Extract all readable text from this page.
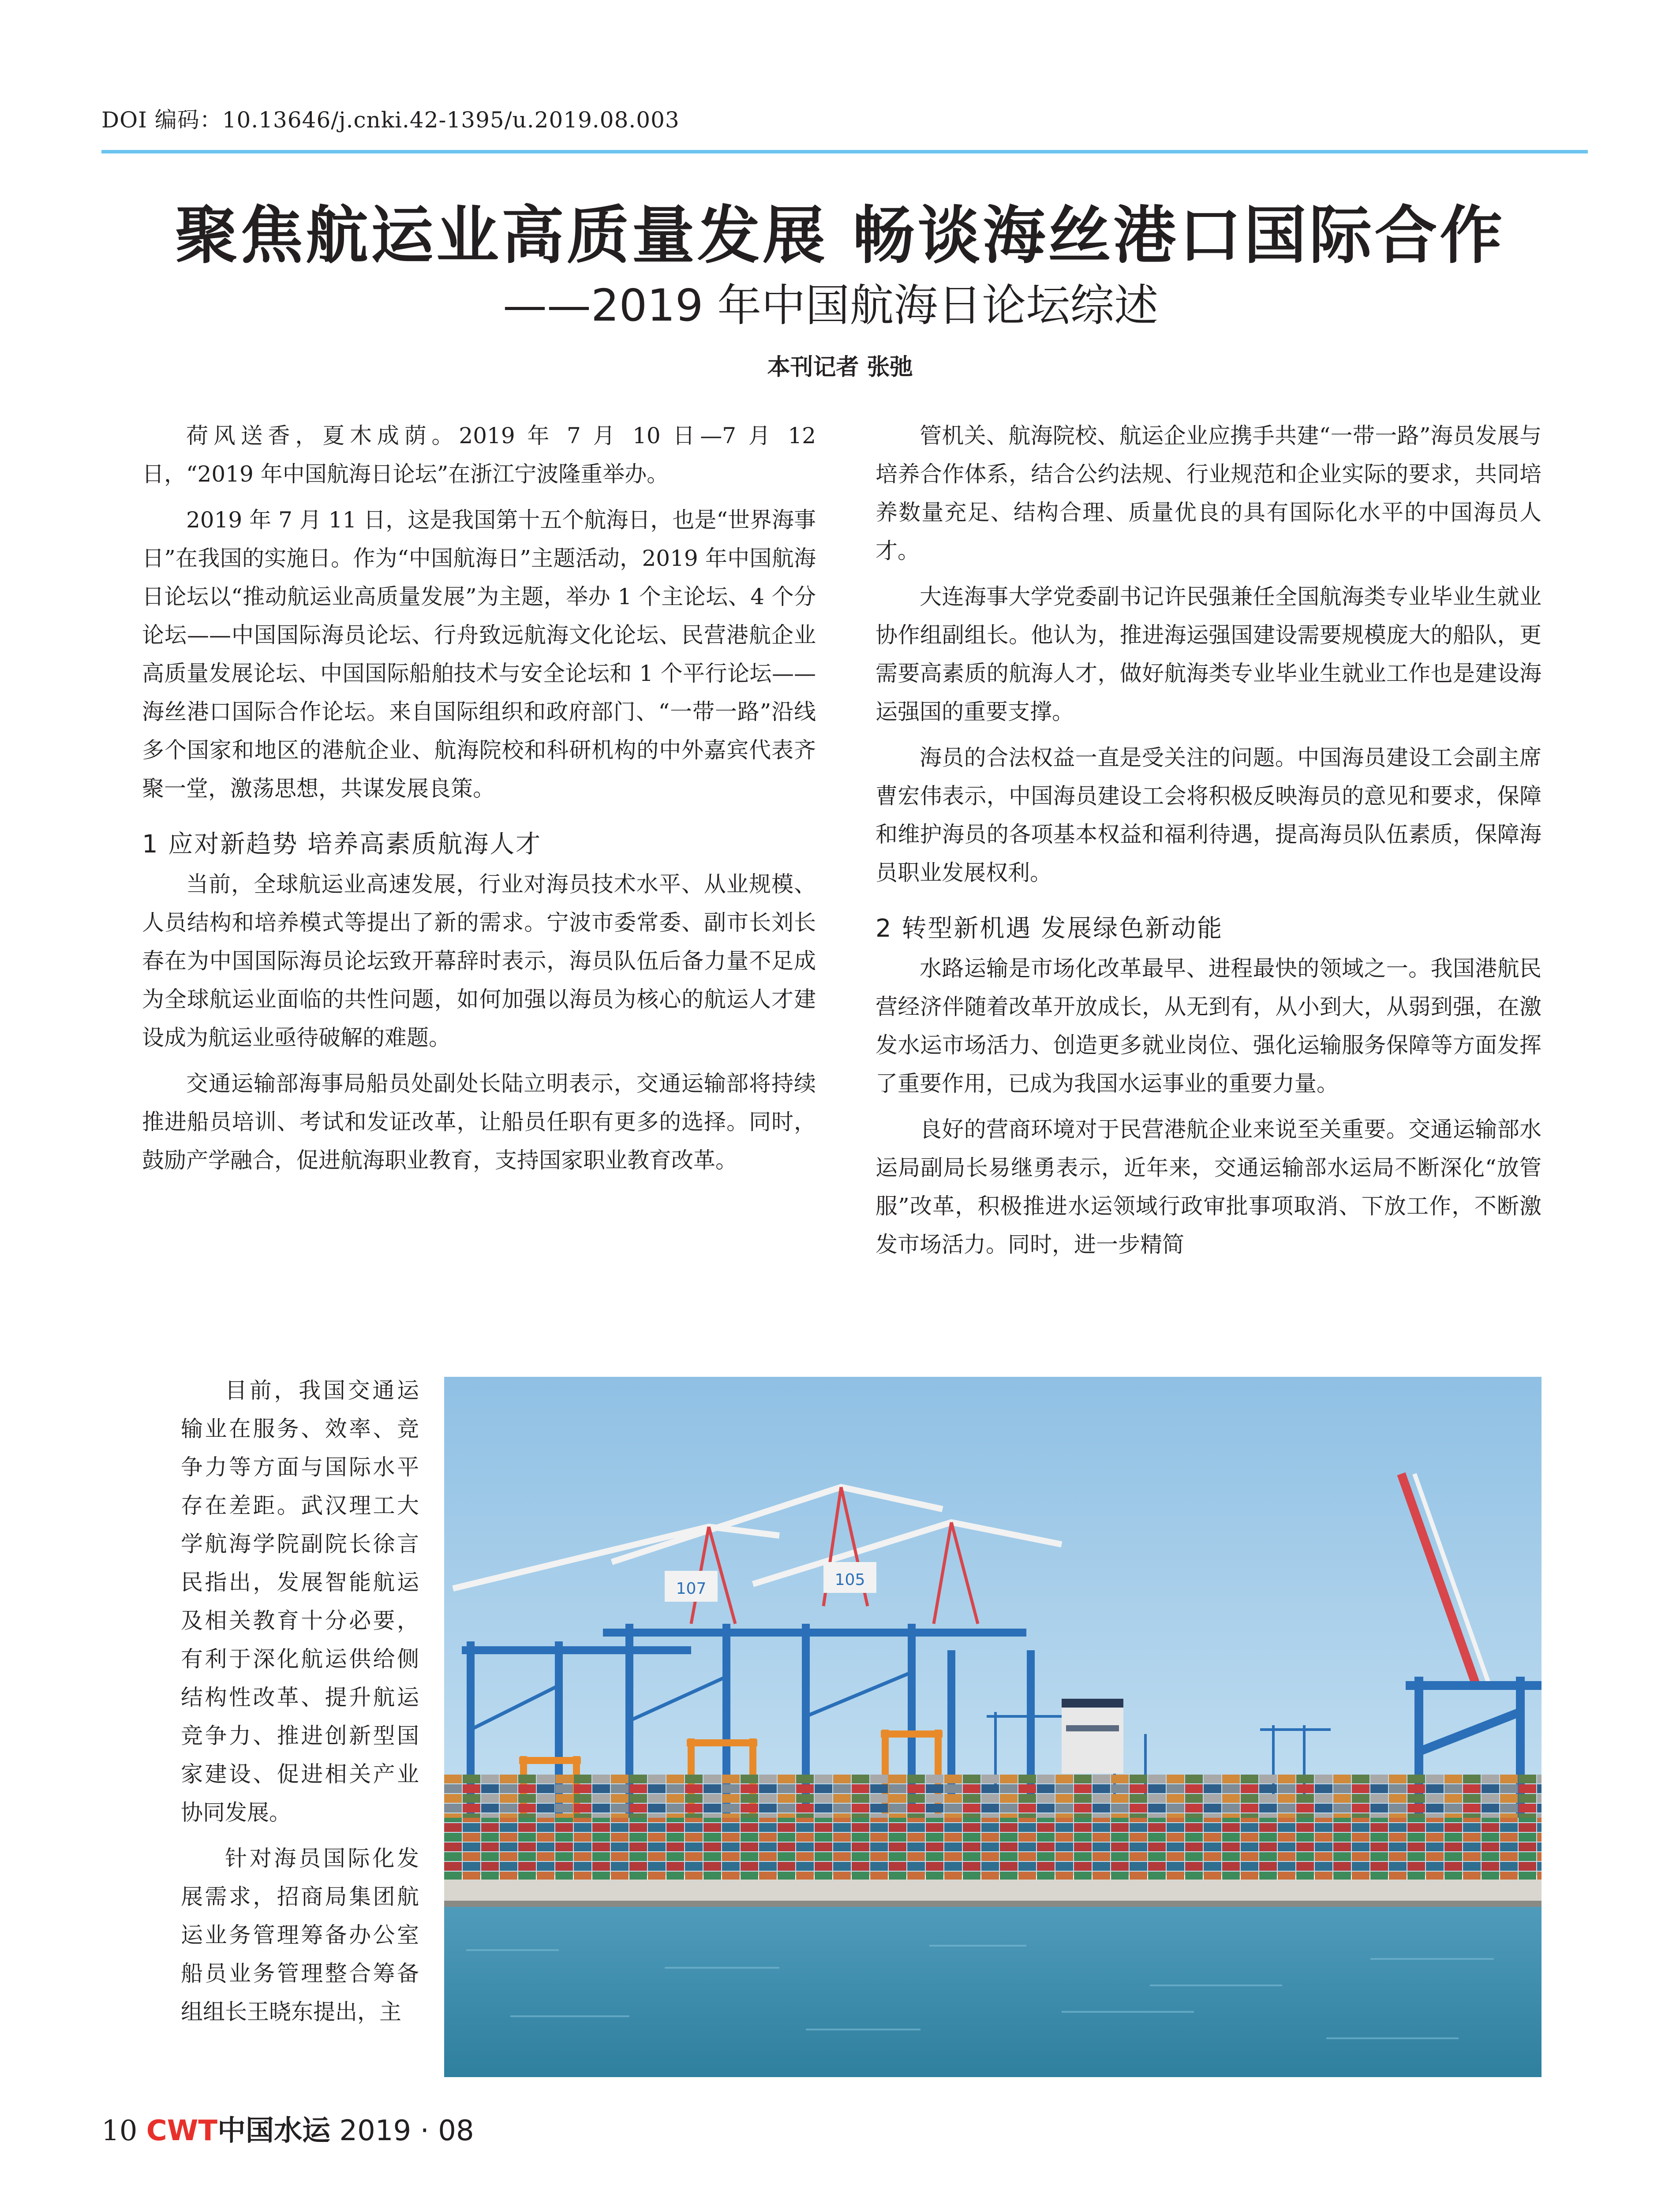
DOI 编码：10.13646/j.cnki.42-1395/u.2019.08.003
聚焦航运业高质量发展 畅谈海丝港口国际合作
——2019 年中国航海日论坛综述
本刊记者 张弛

荷风送香，夏木成荫。2019 年 7 月 10 日—7 月 12 日，“2019 年中国航海日论坛”在浙江宁波隆重举办。

2019 年 7 月 11 日，这是我国第十五个航海日，也是“世界海事日”在我国的实施日。作为“中国航海日”主题活动，2019 年中国航海日论坛以“推动航运业高质量发展”为主题，举办 1 个主论坛、4 个分论坛——中国国际海员论坛、行舟致远航海文化论坛、民营港航企业高质量发展论坛、中国国际船舶技术与安全论坛和 1 个平行论坛——海丝港口国际合作论坛。来自国际组织和政府部门、“一带一路”沿线多个国家和地区的港航企业、航海院校和科研机构的中外嘉宾代表齐聚一堂，激荡思想，共谋发展良策。

1 应对新趋势 培养高素质航海人才

当前，全球航运业高速发展，行业对海员技术水平、从业规模、人员结构和培养模式等提出了新的需求。宁波市委常委、副市长刘长春在为中国国际海员论坛致开幕辞时表示，海员队伍后备力量不足成为全球航运业面临的共性问题，如何加强以海员为核心的航运人才建设成为航运业亟待破解的难题。

交通运输部海事局船员处副处长陆立明表示，交通运输部将持续推进船员培训、考试和发证改革，让船员任职有更多的选择。同时，鼓励产学融合，促进航海职业教育，支持国家职业教育改革。

目前，我国交通运输业在服务、效率、竞争力等方面与国际水平存在差距。武汉理工大学航海学院副院长徐言民指出，发展智能航运及相关教育十分必要，有利于深化航运供给侧结构性改革、提升航运竞争力、推进创新型国家建设、促进相关产业协同发展。

针对海员国际化发展需求，招商局集团航运业务管理筹备办公室船员业务管理整合筹备组组长王晓东提出，主

管机关、航海院校、航运企业应携手共建“一带一路”海员发展与培养合作体系，结合公约法规、行业规范和企业实际的要求，共同培养数量充足、结构合理、质量优良的具有国际化水平的中国海员人才。

大连海事大学党委副书记许民强兼任全国航海类专业毕业生就业协作组副组长。他认为，推进海运强国建设需要规模庞大的船队，更需要高素质的航海人才，做好航海类专业毕业生就业工作也是建设海运强国的重要支撑。

海员的合法权益一直是受关注的问题。中国海员建设工会副主席曹宏伟表示，中国海员建设工会将积极反映海员的意见和要求，保障和维护海员的各项基本权益和福利待遇，提高海员队伍素质，保障海员职业发展权利。

2 转型新机遇 发展绿色新动能

水路运输是市场化改革最早、进程最快的领域之一。我国港航民营经济伴随着改革开放成长，从无到有，从小到大，从弱到强，在激发水运市场活力、创造更多就业岗位、强化运输服务保障等方面发挥了重要作用，已成为我国水运事业的重要力量。

良好的营商环境对于民营港航企业来说至关重要。交通运输部水运局副局长易继勇表示，近年来，交通运输部水运局不断深化“放管服”改革，积极推进水运领域行政审批事项取消、下放工作，不断激发市场活力。同时，进一步精简

107	105
10 CWT中国水运 2019 · 08
